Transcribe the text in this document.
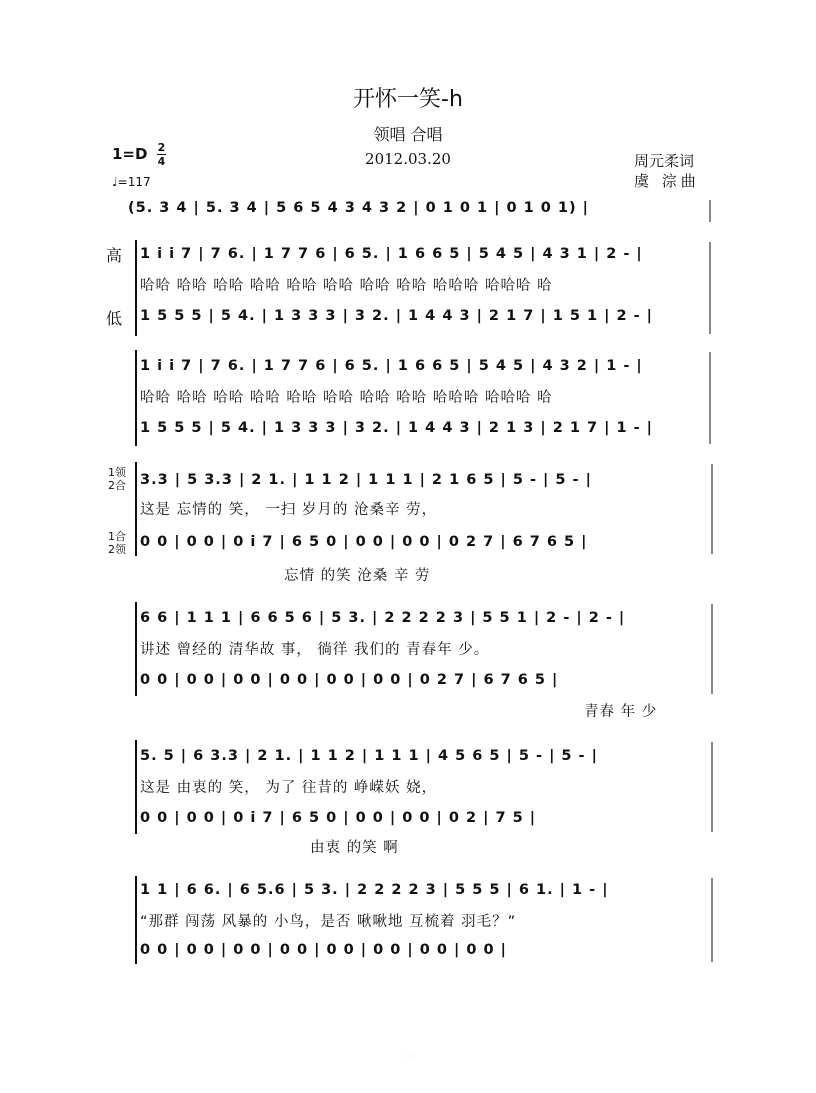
开怀一笑-h
领唱 合唱
2012.03.20	周元柔词
虞 淙曲
1=D 2
4
♩=117
高
低
1领
2合
1合
2领
(5. 3 4 | 5. 3 4 | 5 6 5 4 3 4 3 2 | 0 1 0 1 | 0 1 0 1) |
1 i i 7 | 7 6. | 1 7 7 6 | 6 5. | 1 6 6 5 | 5 4 5 | 4 3 1 | 2 - |
哈哈 哈哈 哈哈 哈哈 哈哈 哈哈 哈哈 哈哈 哈哈哈 哈哈哈 哈
1 5 5 5 | 5 4. | 1 3 3 3 | 3 2. | 1 4 4 3 | 2 1 7 | 1 5 1 | 2 - |
1 i i 7 | 7 6. | 1 7 7 6 | 6 5. | 1 6 6 5 | 5 4 5 | 4 3 2 | 1 - |
哈哈 哈哈 哈哈 哈哈 哈哈 哈哈 哈哈 哈哈 哈哈哈 哈哈哈 哈
1 5 5 5 | 5 4. | 1 3 3 3 | 3 2. | 1 4 4 3 | 2 1 3 | 2 1 7 | 1 - |
3.3 | 5 3.3 | 2 1. | 1 1 2 | 1 1 1 | 2 1 6 5 | 5 - | 5 - |
这是 忘情的 笑， 一扫 岁月的 沧桑辛 劳，
0 0 | 0 0 | 0 i 7 | 6 5 0 | 0 0 | 0 0 | 0 2 7 | 6 7 6 5 |
忘情 的笑 沧桑 辛 劳
6 6 | 1 1 1 | 6 6 5 6 | 5 3. | 2 2 2 2 3 | 5 5 1 | 2 - | 2 - |
讲述 曾经的 清华故 事， 徜徉 我们的 青春年 少。
0 0 | 0 0 | 0 0 | 0 0 | 0 0 | 0 0 | 0 2 7 | 6 7 6 5 |
青春 年 少
5. 5 | 6 3.3 | 2 1. | 1 1 2 | 1 1 1 | 4 5 6 5 | 5 - | 5 - |
这是 由衷的 笑， 为了 往昔的 峥嵘妖 娆，
0 0 | 0 0 | 0 i 7 | 6 5 0 | 0 0 | 0 0 | 0 2 | 7 5 |
由衷 的笑 啊
1 1 | 6 6. | 6 5.6 | 5 3. | 2 2 2 2 3 | 5 5 5 | 6 1. | 1 - |
“那群 闯荡 风暴的 小鸟，是否 啾啾地 互梳着 羽毛？”
0 0 | 0 0 | 0 0 | 0 0 | 0 0 | 0 0 | 0 0 | 0 0 |
· · ·
